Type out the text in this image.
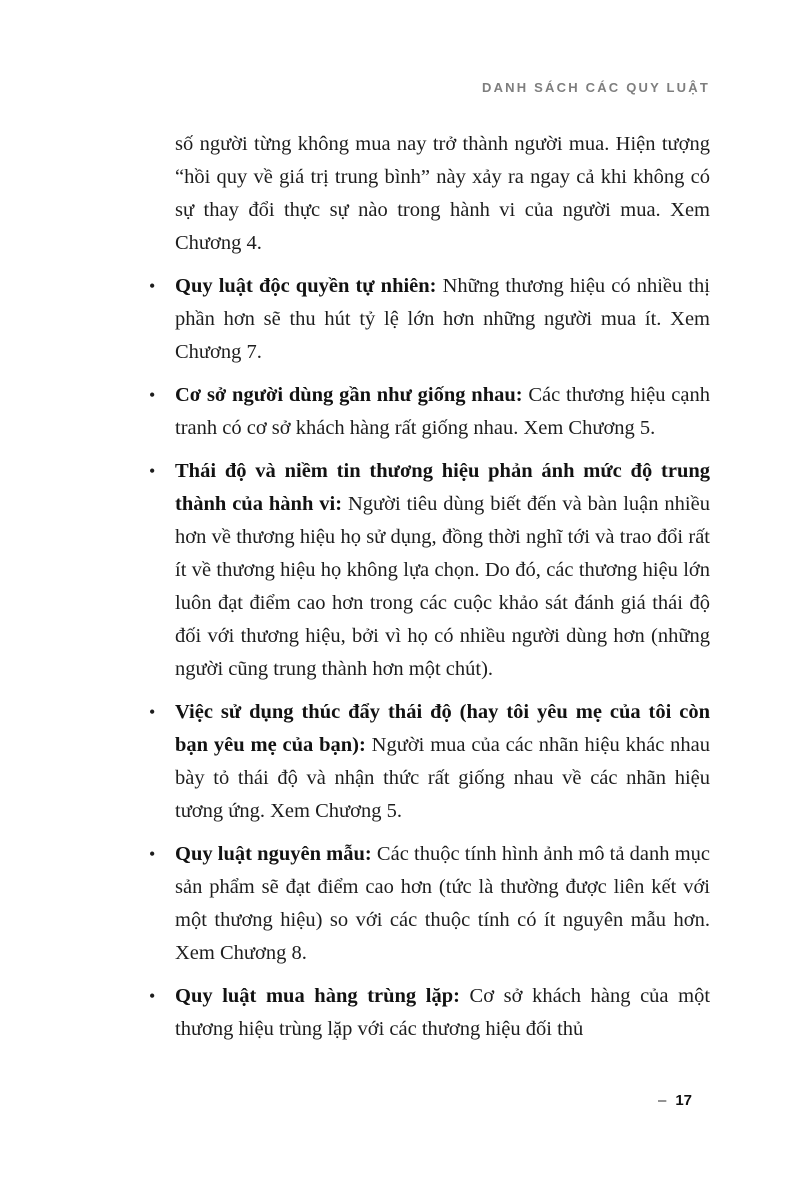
DANH SÁCH CÁC QUY LUẬT

số người từng không mua nay trở thành người mua. Hiện tượng “hồi quy về giá trị trung bình” này xảy ra ngay cả khi không có sự thay đổi thực sự nào trong hành vi của người mua. Xem Chương 4.

• Quy luật độc quyền tự nhiên: Những thương hiệu có nhiều thị phần hơn sẽ thu hút tỷ lệ lớn hơn những người mua ít. Xem Chương 7.

• Cơ sở người dùng gần như giống nhau: Các thương hiệu cạnh tranh có cơ sở khách hàng rất giống nhau. Xem Chương 5.

• Thái độ và niềm tin thương hiệu phản ánh mức độ trung thành của hành vi: Người tiêu dùng biết đến và bàn luận nhiều hơn về thương hiệu họ sử dụng, đồng thời nghĩ tới và trao đổi rất ít về thương hiệu họ không lựa chọn. Do đó, các thương hiệu lớn luôn đạt điểm cao hơn trong các cuộc khảo sát đánh giá thái độ đối với thương hiệu, bởi vì họ có nhiều người dùng hơn (những người cũng trung thành hơn một chút).

• Việc sử dụng thúc đẩy thái độ (hay tôi yêu mẹ của tôi còn bạn yêu mẹ của bạn): Người mua của các nhãn hiệu khác nhau bày tỏ thái độ và nhận thức rất giống nhau về các nhãn hiệu tương ứng. Xem Chương 5.

• Quy luật nguyên mẫu: Các thuộc tính hình ảnh mô tả danh mục sản phẩm sẽ đạt điểm cao hơn (tức là thường được liên kết với một thương hiệu) so với các thuộc tính có ít nguyên mẫu hơn. Xem Chương 8.

• Quy luật mua hàng trùng lặp: Cơ sở khách hàng của một thương hiệu trùng lặp với các thương hiệu đối thủ

– 17
